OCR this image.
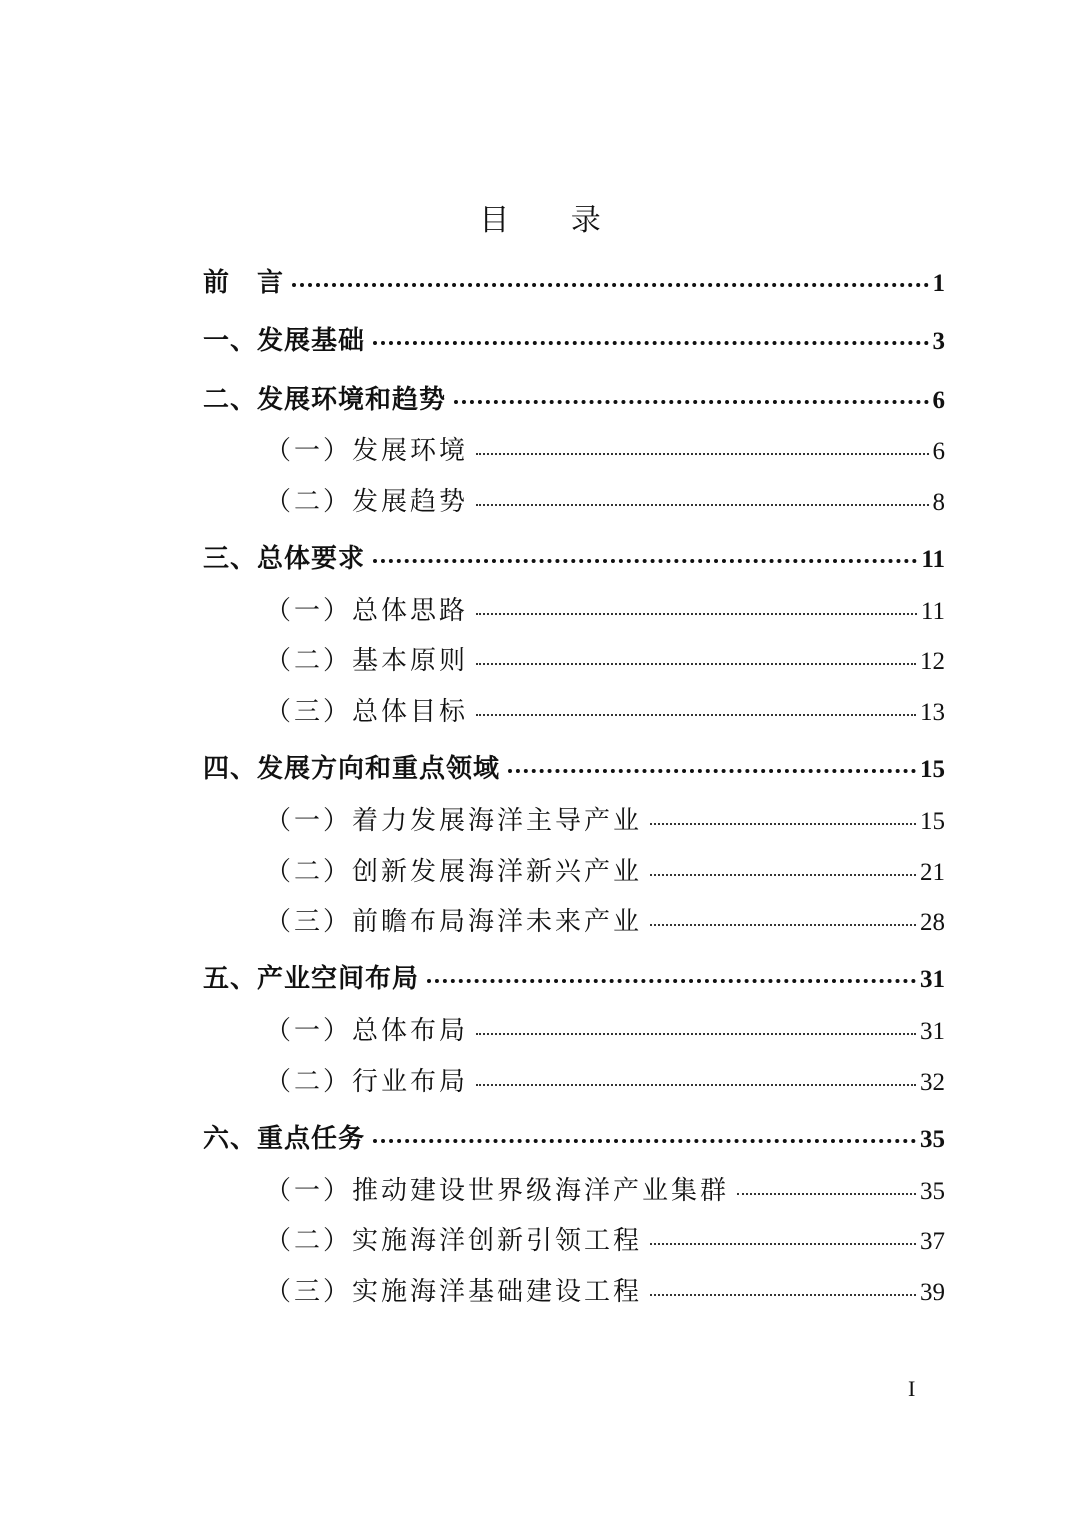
目 录
前　言	1
一、发展基础	3
二、发展环境和趋势	6
（一）发展环境	6
（二）发展趋势	8
三、总体要求	11
（一）总体思路	11
（二）基本原则	12
（三）总体目标	13
四、发展方向和重点领域	15
（一）着力发展海洋主导产业	15
（二）创新发展海洋新兴产业	21
（三）前瞻布局海洋未来产业	28
五、产业空间布局	31
（一）总体布局	31
（二）行业布局	32
六、重点任务	35
（一）推动建设世界级海洋产业集群	35
（二）实施海洋创新引领工程	37
（三）实施海洋基础建设工程	39
I
